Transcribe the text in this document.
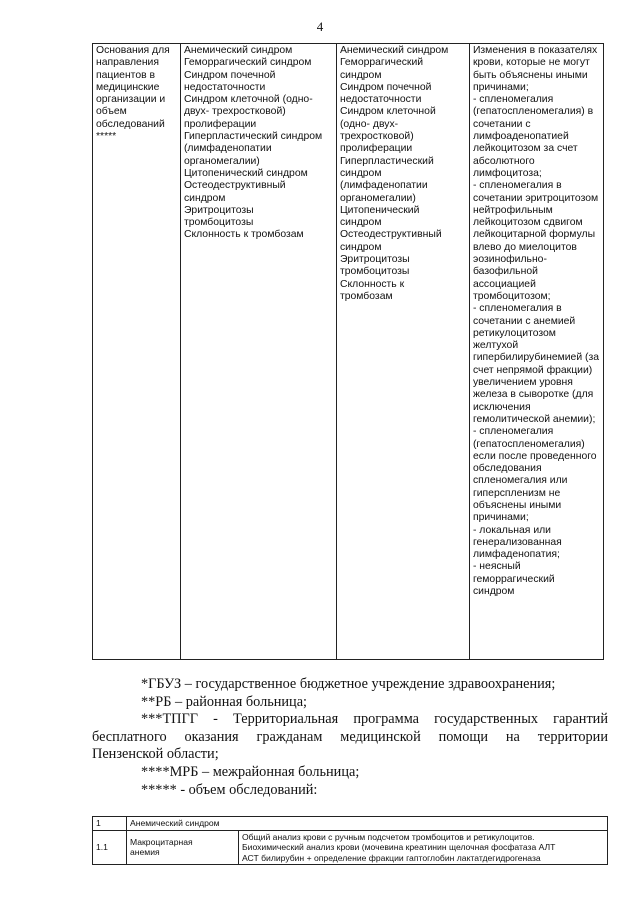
4
Основания для
направления
пациентов в
медицинские
организации и
объем
обследований
*****

Анемический синдром
Геморрагический синдром
Синдром почечной
недостаточности
Синдром клеточной (одно-
двух- трехростковой)
пролиферации
Гиперпластический синдром
(лимфаденопатии
органомегалии)
Цитопенический синдром
Остеодеструктивный
синдром
Эритроцитозы
тромбоцитозы
Склонность к тромбозам

Анемический синдром
Геморрагический
синдром
Синдром почечной
недостаточности
Синдром клеточной
(одно- двух-
трехростковой)
пролиферации
Гиперпластический
синдром
(лимфаденопатии
органомегалии)
Цитопенический
синдром
Остеодеструктивный
синдром
Эритроцитозы
тромбоцитозы
Склонность к
тромбозам

Изменения в показателях
крови, которые не могут
быть объяснены иными
причинами;
- спленомегалия
(гепатоспленомегалия) в
сочетании с
лимфоаденопатией
лейкоцитозом за счет
абсолютного
лимфоцитоза;
- спленомегалия в
сочетании эритроцитозом
нейтрофильным
лейкоцитозом сдвигом
лейкоцитарной формулы
влево до миелоцитов
эозинофильно-
базофильной
ассоциацией
тромбоцитозом;
- спленомегалия в
сочетании с анемией
ретикулоцитозом
желтухой
гипербилирубинемией (за
счет непрямой фракции)
увеличением уровня
железа в сыворотке (для
исключения
гемолитической анемии);
- спленомегалия
(гепатоспленомегалия)
если после проведенного
обследования
спленомегалия или
гиперспленизм не
объяснены иными
причинами;
- локальная или
генерализованная
лимфаденопатия;
- неясный
геморрагический
синдром

*ГБУЗ – государственное бюджетное учреждение здравоохранения;

**РБ – районная больница;

***ТПГГ - Территориальная программа государственных гарантий

бесплатного оказания гражданам медицинской помощи на территории

Пензенской области;

****МРБ – межрайонная больница;

***** - объем обследований:

1	Анемический синдром	
1.1	Макроцитарная
анемия	Общий анализ крови с ручным подсчетом тромбоцитов и ретикулоцитов.
Биохимический анализ крови (мочевина креатинин щелочная фосфатаза АЛТ
АСТ билирубин + определение фракции гаптоглобин лактатдегидрогеназа
